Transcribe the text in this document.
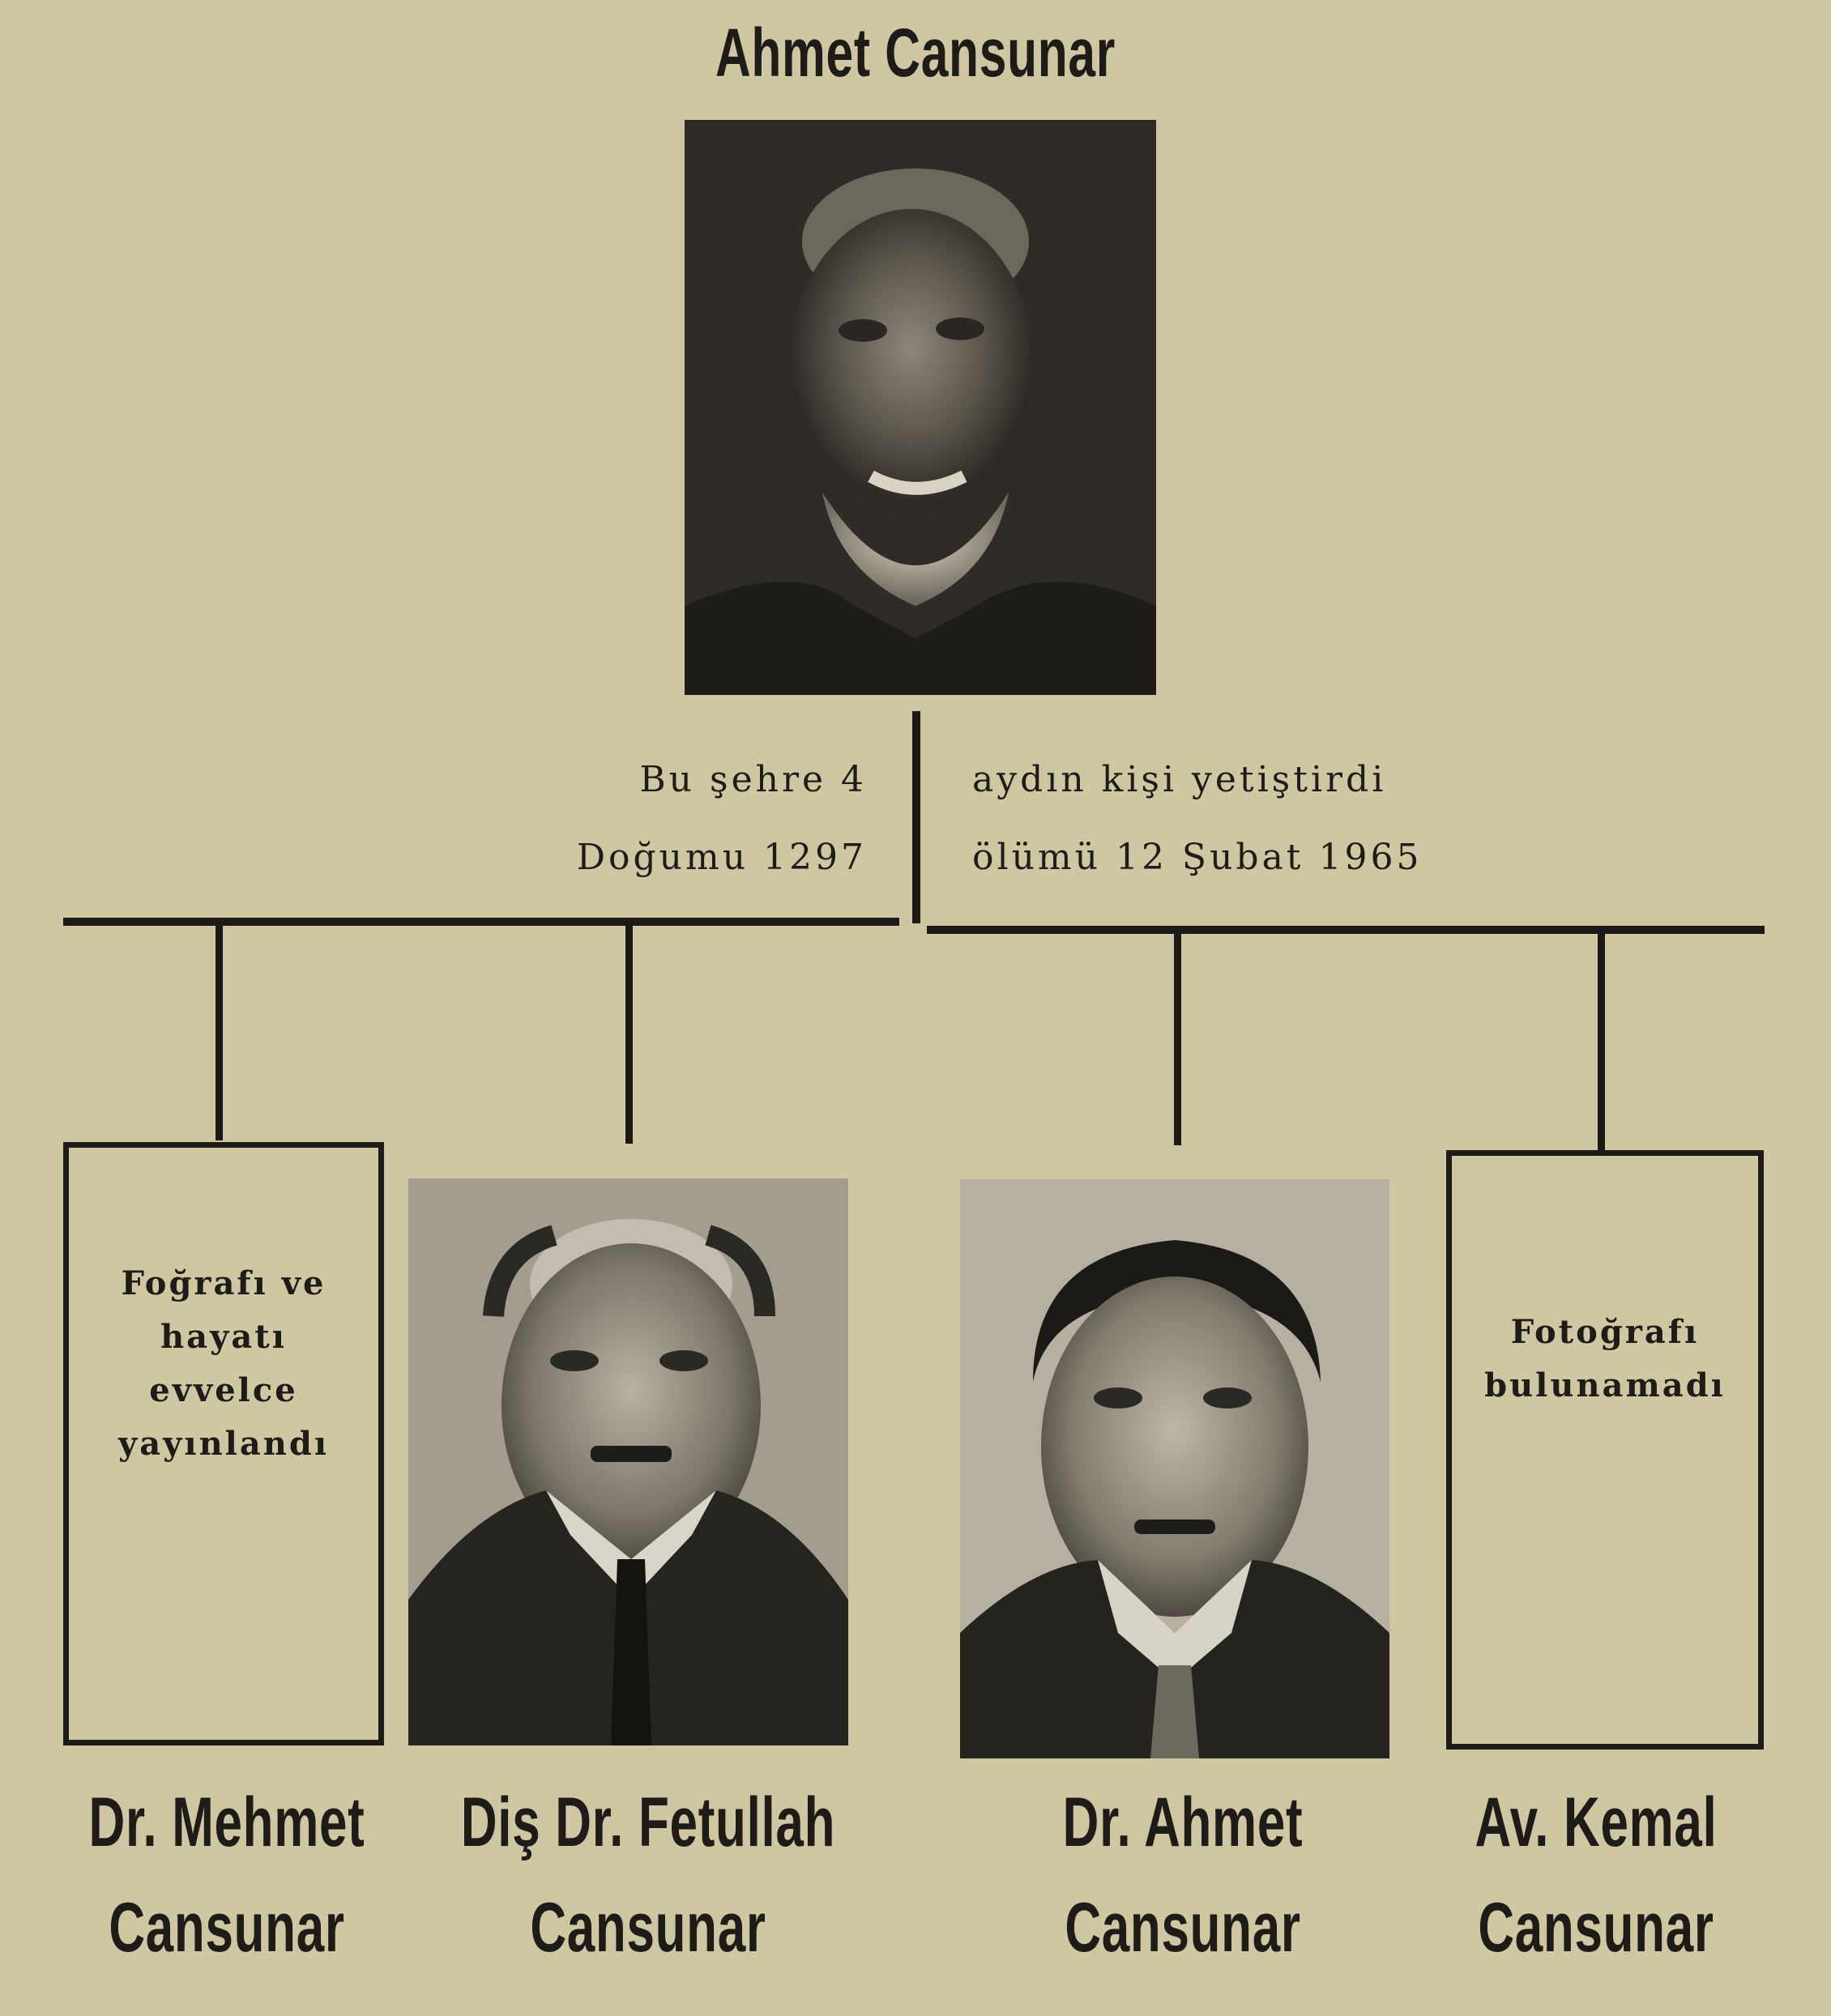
Ahmet Cansunar
Bu şehre 4
Doğumu 1297
aydın kişi yetiştirdi
ölümü 12 Şubat 1965
Foğrafı ve
hayatı
evvelce
yayınlandı
Fotoğrafı
bulunamadı
Dr. Mehmet
Cansunar
Diş Dr. Fetullah
Cansunar
Dr. Ahmet
Cansunar
Av. Kemal
Cansunar
